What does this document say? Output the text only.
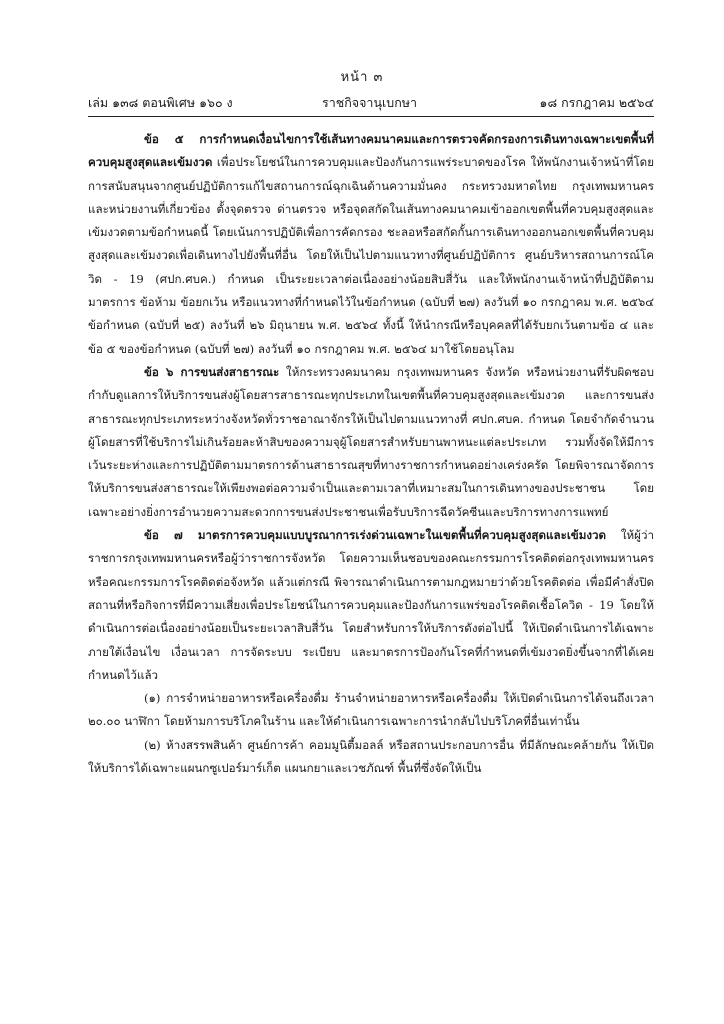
หน้า ๓
เล่ม ๑๓๘ ตอนพิเศษ ๑๖๐ ง	ราชกิจจานุเบกษา	๑๘ กรกฎาคม ๒๕๖๔

ข้อ ๕ การกำหนดเงื่อนไขการใช้เส้นทางคมนาคมและการตรวจคัดกรองการเดินทางเฉพาะเขตพื้นที่ควบคุมสูงสุดและเข้มงวด เพื่อประโยชน์ในการควบคุมและป้องกันการแพร่ระบาดของโรค ให้พนักงานเจ้าหน้าที่โดยการสนับสนุนจากศูนย์ปฏิบัติการแก้ไขสถานการณ์ฉุกเฉินด้านความมั่นคง กระทรวงมหาดไทย กรุงเทพมหานคร และหน่วยงานที่เกี่ยวข้อง ตั้งจุดตรวจ ด่านตรวจ หรือจุดสกัดในเส้นทางคมนาคมเข้าออกเขตพื้นที่ควบคุมสูงสุดและเข้มงวดตามข้อกำหนดนี้ โดยเน้นการปฏิบัติเพื่อการคัดกรอง ชะลอหรือสกัดกั้นการเดินทางออกนอกเขตพื้นที่ควบคุมสูงสุดและเข้มงวดเพื่อเดินทางไปยังพื้นที่อื่น โดยให้เป็นไปตามแนวทางที่ศูนย์ปฏิบัติการ ศูนย์บริหารสถานการณ์โควิด - 19 (ศปก.ศบค.) กำหนด เป็นระยะเวลาต่อเนื่องอย่างน้อยสิบสี่วัน และให้พนักงานเจ้าหน้าที่ปฏิบัติตามมาตรการ ข้อห้าม ข้อยกเว้น หรือแนวทางที่กำหนดไว้ในข้อกำหนด (ฉบับที่ ๒๗) ลงวันที่ ๑๐ กรกฎาคม พ.ศ. ๒๕๖๔ ข้อกำหนด (ฉบับที่ ๒๕) ลงวันที่ ๒๖ มิถุนายน พ.ศ. ๒๕๖๔ ทั้งนี้ ให้นำกรณีหรือบุคคลที่ได้รับยกเว้นตามข้อ ๔ และข้อ ๕ ของข้อกำหนด (ฉบับที่ ๒๗) ลงวันที่ ๑๐ กรกฎาคม พ.ศ. ๒๕๖๔ มาใช้โดยอนุโลม

ข้อ ๖ การขนส่งสาธารณะ ให้กระทรวงคมนาคม กรุงเทพมหานคร จังหวัด หรือหน่วยงานที่รับผิดชอบกำกับดูแลการให้บริการขนส่งผู้โดยสารสาธารณะทุกประเภทในเขตพื้นที่ควบคุมสูงสุดและเข้มงวด และการขนส่งสาธารณะทุกประเภทระหว่างจังหวัดทั่วราชอาณาจักรให้เป็นไปตามแนวทางที่ ศปก.ศบค. กำหนด โดยจำกัดจำนวนผู้โดยสารที่ใช้บริการไม่เกินร้อยละห้าสิบของความจุผู้โดยสารสำหรับยานพาหนะแต่ละประเภท รวมทั้งจัดให้มีการเว้นระยะห่างและการปฏิบัติตามมาตรการด้านสาธารณสุขที่ทางราชการกำหนดอย่างเคร่งครัด โดยพิจารณาจัดการให้บริการขนส่งสาธารณะให้เพียงพอต่อความจำเป็นและตามเวลาที่เหมาะสมในการเดินทางของประชาชน โดยเฉพาะอย่างยิ่งการอำนวยความสะดวกการขนส่งประชาชนเพื่อรับบริการฉีดวัคซีนและบริการทางการแพทย์

ข้อ ๗ มาตรการควบคุมแบบบูรณาการเร่งด่วนเฉพาะในเขตพื้นที่ควบคุมสูงสุดและเข้มงวด ให้ผู้ว่าราชการกรุงเทพมหานครหรือผู้ว่าราชการจังหวัด โดยความเห็นชอบของคณะกรรมการโรคติดต่อกรุงเทพมหานครหรือคณะกรรมการโรคติดต่อจังหวัด แล้วแต่กรณี พิจารณาดำเนินการตามกฎหมายว่าด้วยโรคติดต่อ เพื่อมีคำสั่งปิดสถานที่หรือกิจการที่มีความเสี่ยงเพื่อประโยชน์ในการควบคุมและป้องกันการแพร่ของโรคติดเชื้อโควิด - 19 โดยให้ดำเนินการต่อเนื่องอย่างน้อยเป็นระยะเวลาสิบสี่วัน โดยสำหรับการให้บริการดังต่อไปนี้ ให้เปิดดำเนินการได้เฉพาะภายใต้เงื่อนไข เงื่อนเวลา การจัดระบบ ระเบียบ และมาตรการป้องกันโรคที่กำหนดที่เข้มงวดยิ่งขึ้นจากที่ได้เคยกำหนดไว้แล้ว

(๑) การจำหน่ายอาหารหรือเครื่องดื่ม ร้านจำหน่ายอาหารหรือเครื่องดื่ม ให้เปิดดำเนินการได้จนถึงเวลา ๒๐.๐๐ นาฬิกา โดยห้ามการบริโภคในร้าน และให้ดำเนินการเฉพาะการนำกลับไปบริโภคที่อื่นเท่านั้น

(๒) ห้างสรรพสินค้า ศูนย์การค้า คอมมูนิตี้มอลล์ หรือสถานประกอบการอื่น ที่มีลักษณะคล้ายกัน ให้เปิดให้บริการได้เฉพาะแผนกซูเปอร์มาร์เก็ต แผนกยาและเวชภัณฑ์ พื้นที่ซึ่งจัดให้เป็น
